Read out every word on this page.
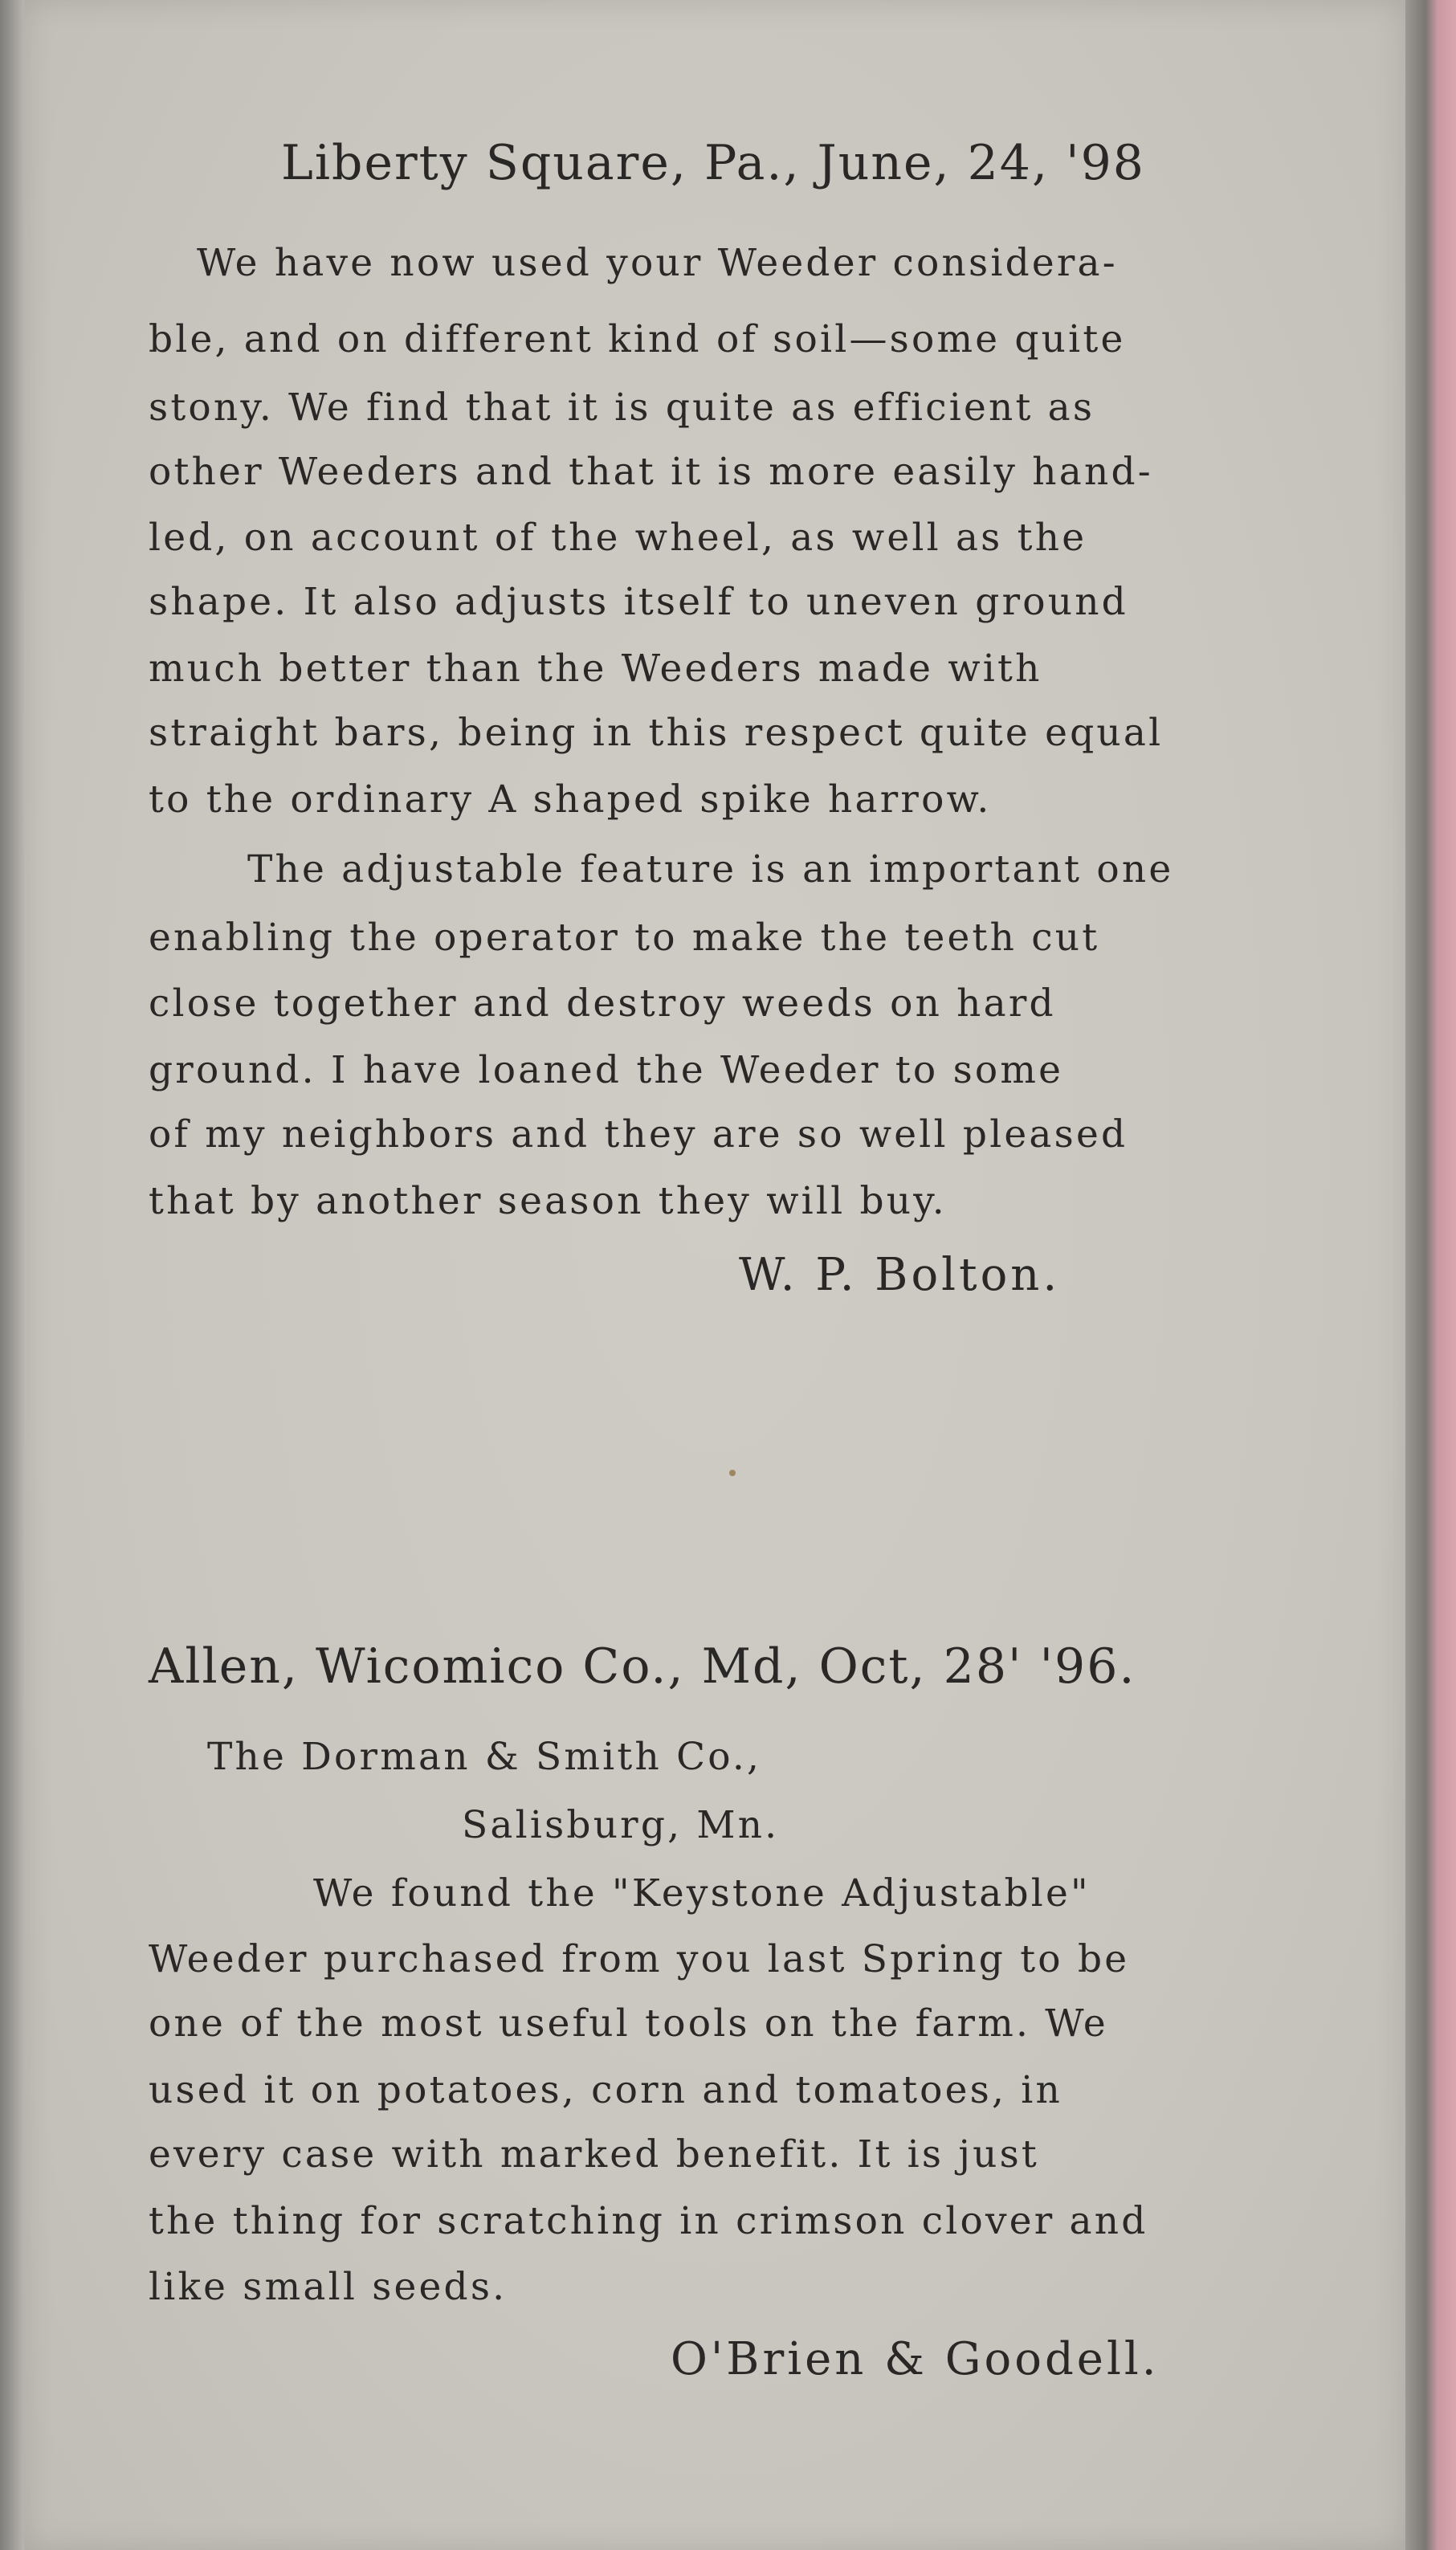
Liberty Square, Pa., June, 24, '98
We have now used your Weeder considera-
ble, and on different kind of soil—some quite
stony. We find that it is quite as efficient as
other Weeders and that it is more easily hand-
led, on account of the wheel, as well as the
shape. It also adjusts itself to uneven ground
much better than the Weeders made with
straight bars, being in this respect quite equal
to the ordinary A shaped spike harrow.
The adjustable feature is an important one
enabling the operator to make the teeth cut
close together and destroy weeds on hard
ground. I have loaned the Weeder to some
of my neighbors and they are so well pleased
that by another season they will buy.
W. P. Bolton.
Allen, Wicomico Co., Md, Oct, 28' '96.
The Dorman & Smith Co.,
Salisburg, Mn.
We found the "Keystone Adjustable"
Weeder purchased from you last Spring to be
one of the most useful tools on the farm. We
used it on potatoes, corn and tomatoes, in
every case with marked benefit. It is just
the thing for scratching in crimson clover and
like small seeds.
O'Brien & Goodell.
